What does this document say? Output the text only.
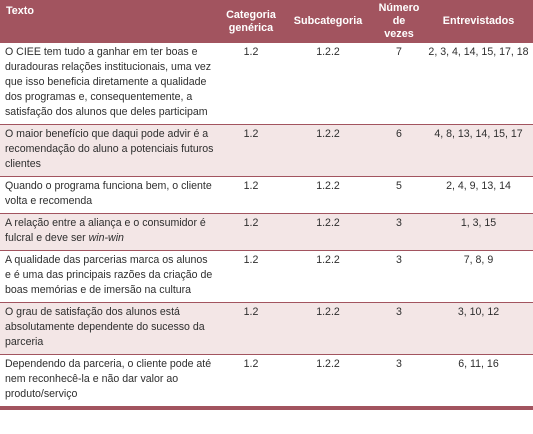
Texto	Categoria genérica	Subcategoria	Número de vezes	Entrevistados
O CIEE tem tudo a ganhar em ter boas e duradouras relações institucionais, uma vez que isso beneficia diretamente a qualidade dos programas e, consequentemente, a satisfação dos alunos que deles participam	1.2	1.2.2	7	2, 3, 4, 14, 15, 17, 18
O maior benefício que daqui pode advir é a recomendação do aluno a potenciais futuros clientes	1.2	1.2.2	6	4, 8, 13, 14, 15, 17
Quando o programa funciona bem, o cliente volta e recomenda	1.2	1.2.2	5	2, 4, 9, 13, 14
A relação entre a aliança e o consumidor é fulcral e deve ser win-win	1.2	1.2.2	3	1, 3, 15
A qualidade das parcerias marca os alunos e é uma das principais razões da criação de boas memórias e de imersão na cultura	1.2	1.2.2	3	7, 8, 9
O grau de satisfação dos alunos está absolutamente dependente do sucesso da parceria	1.2	1.2.2	3	3, 10, 12
Dependendo da parceria, o cliente pode até nem reconhecê-la e não dar valor ao produto/serviço	1.2	1.2.2	3	6, 11, 16
